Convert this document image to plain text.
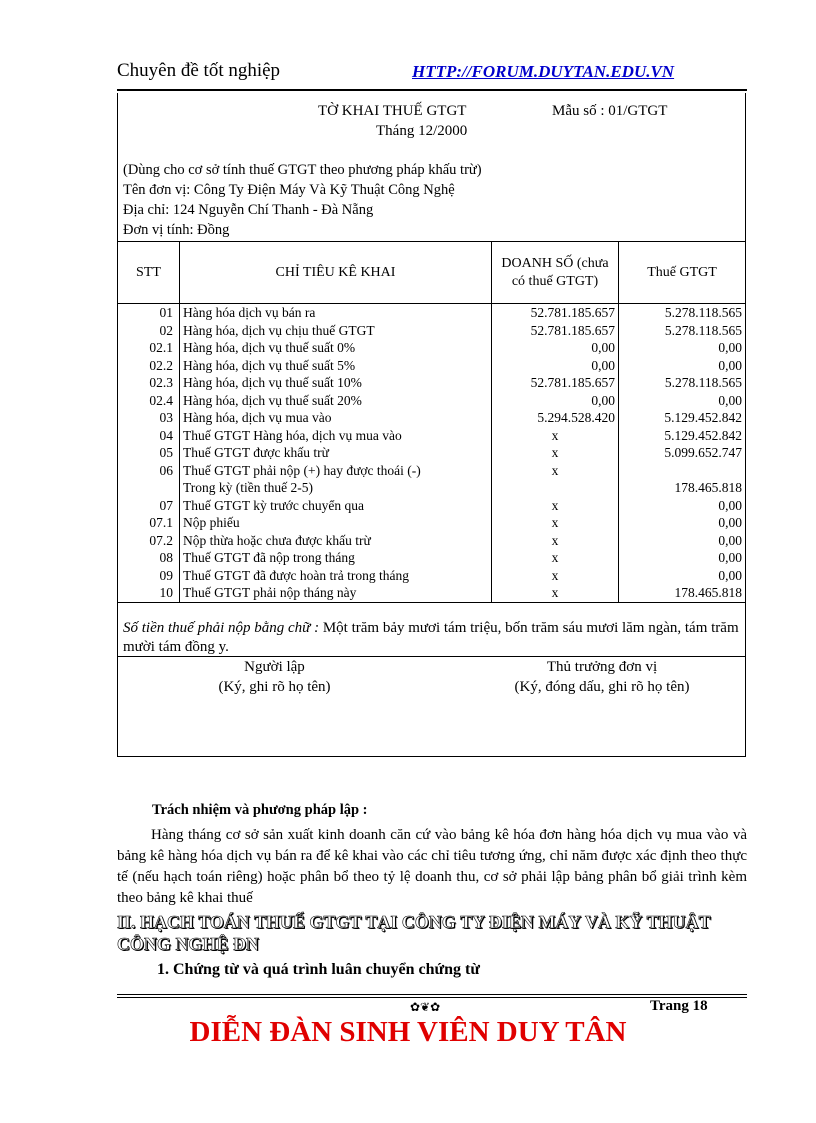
Chuyên đề tốt nghiệp	HTTP://FORUM.DUYTAN.EDU.VN
TỜ KHAI THUẾ GTGT	Mẫu số : 01/GTGT
Tháng 12/2000
(Dùng cho cơ sở tính thuế GTGT theo phương pháp khấu trừ)
Tên đơn vị: Công Ty Điện Máy Và Kỹ Thuật Công Nghệ
Địa chỉ: 124 Nguyễn Chí Thanh - Đà Nẵng
Đơn vị tính: Đồng
STT	CHỈ TIÊU KÊ KHAI	DOANH SỐ (chưa có thuế GTGT)	Thuế GTGT
01	Hàng hóa dịch vụ bán ra	52.781.185.657	5.278.118.565
02	Hàng hóa, dịch vụ chịu thuế GTGT	52.781.185.657	5.278.118.565
02.1	Hàng hóa, dịch vụ thuế suất 0%	0,00	0,00
02.2	Hàng hóa, dịch vụ thuế suất 5%	0,00	0,00
02.3	Hàng hóa, dịch vụ thuế suất 10%	52.781.185.657	5.278.118.565
02.4	Hàng hóa, dịch vụ thuế suất 20%	0,00	0,00
03	Hàng hóa, dịch vụ mua vào	5.294.528.420	5.129.452.842
04	Thuế GTGT Hàng hóa, dịch vụ mua vào	x	5.129.452.842
05	Thuế GTGT được khấu trừ	x	5.099.652.747
06	Thuế GTGT phải nộp (+) hay được thoái (-)	x	
	Trong kỳ (tiền thuế 2-5)		178.465.818
07	Thuế GTGT kỳ trước chuyển qua	x	0,00
07.1	Nộp phiếu	x	0,00
07.2	Nộp thừa hoặc chưa được khấu trừ	x	0,00
08	Thuế GTGT đã nộp trong tháng	x	0,00
09	Thuế GTGT đã được hoàn trả trong tháng	x	0,00
10	Thuế GTGT phải nộp tháng này	x	178.465.818
Số tiền thuế phải nộp bằng chữ : Một trăm bảy mươi tám triệu, bốn trăm sáu mươi lăm ngàn, tám trăm mười tám đồng y.
Người lập
(Ký, ghi rõ họ tên)
Thủ trưởng đơn vị
(Ký, đóng dấu, ghi rõ họ tên)
Trách nhiệm và phương pháp lập :
Hàng tháng cơ sở sản xuất kinh doanh căn cứ vào bảng kê hóa đơn hàng hóa dịch vụ mua vào và bảng kê hàng hóa dịch vụ bán ra để kê khai vào các chỉ tiêu tương ứng, chỉ năm được xác định theo thực tế (nếu hạch toán riêng) hoặc phân bổ theo tỷ lệ doanh thu, cơ sở phải lập bảng phân bổ giải trình kèm theo bảng kê khai thuế
II. HẠCH TOÁN THUẾ GTGT TẠI CÔNG TY ĐIỆN MÁY VÀ KỸ THUẬT CÔNG NGHỆ ĐN
1. Chứng từ và quá trình luân chuyển chứng từ
✿❦✿	Trang 18
DIỄN ĐÀN SINH VIÊN DUY TÂN
